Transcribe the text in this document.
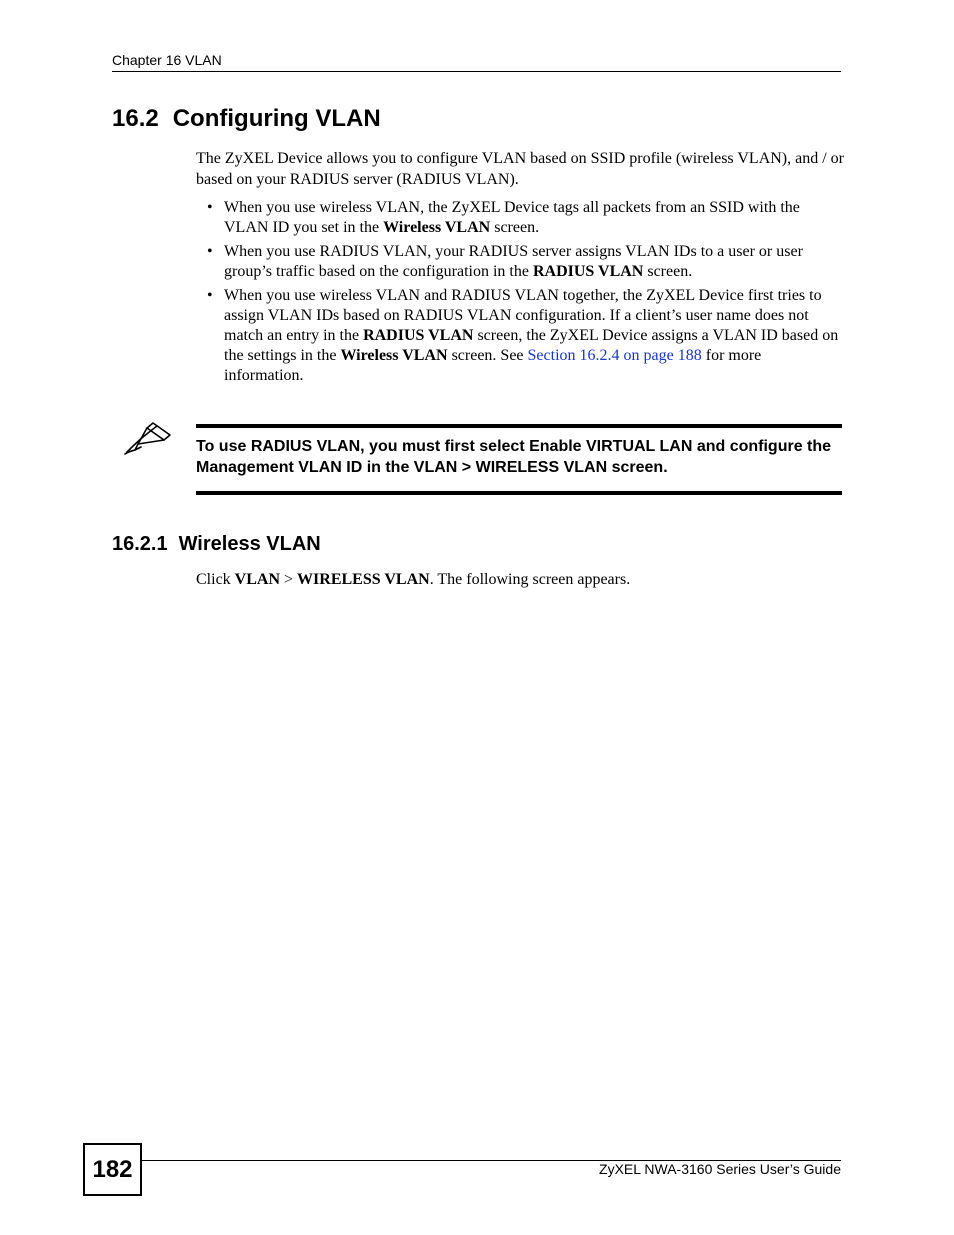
Chapter 16 VLAN
16.2 Configuring VLAN
The ZyXEL Device allows you to configure VLAN based on SSID profile (wireless VLAN), and / or based on your RADIUS server (RADIUS VLAN).
• When you use wireless VLAN, the ZyXEL Device tags all packets from an SSID with the VLAN ID you set in the Wireless VLAN screen.
• When you use RADIUS VLAN, your RADIUS server assigns VLAN IDs to a user or user group’s traffic based on the configuration in the RADIUS VLAN screen.
• When you use wireless VLAN and RADIUS VLAN together, the ZyXEL Device first tries to assign VLAN IDs based on RADIUS VLAN configuration. If a client’s user name does not match an entry in the RADIUS VLAN screen, the ZyXEL Device assigns a VLAN ID based on the settings in the Wireless VLAN screen. See Section 16.2.4 on page 188 for more information.
To use RADIUS VLAN, you must first select Enable VIRTUAL LAN and configure the Management VLAN ID in the VLAN > WIRELESS VLAN screen.
16.2.1 Wireless VLAN
Click VLAN > WIRELESS VLAN. The following screen appears.
182	ZyXEL NWA-3160 Series User’s Guide
